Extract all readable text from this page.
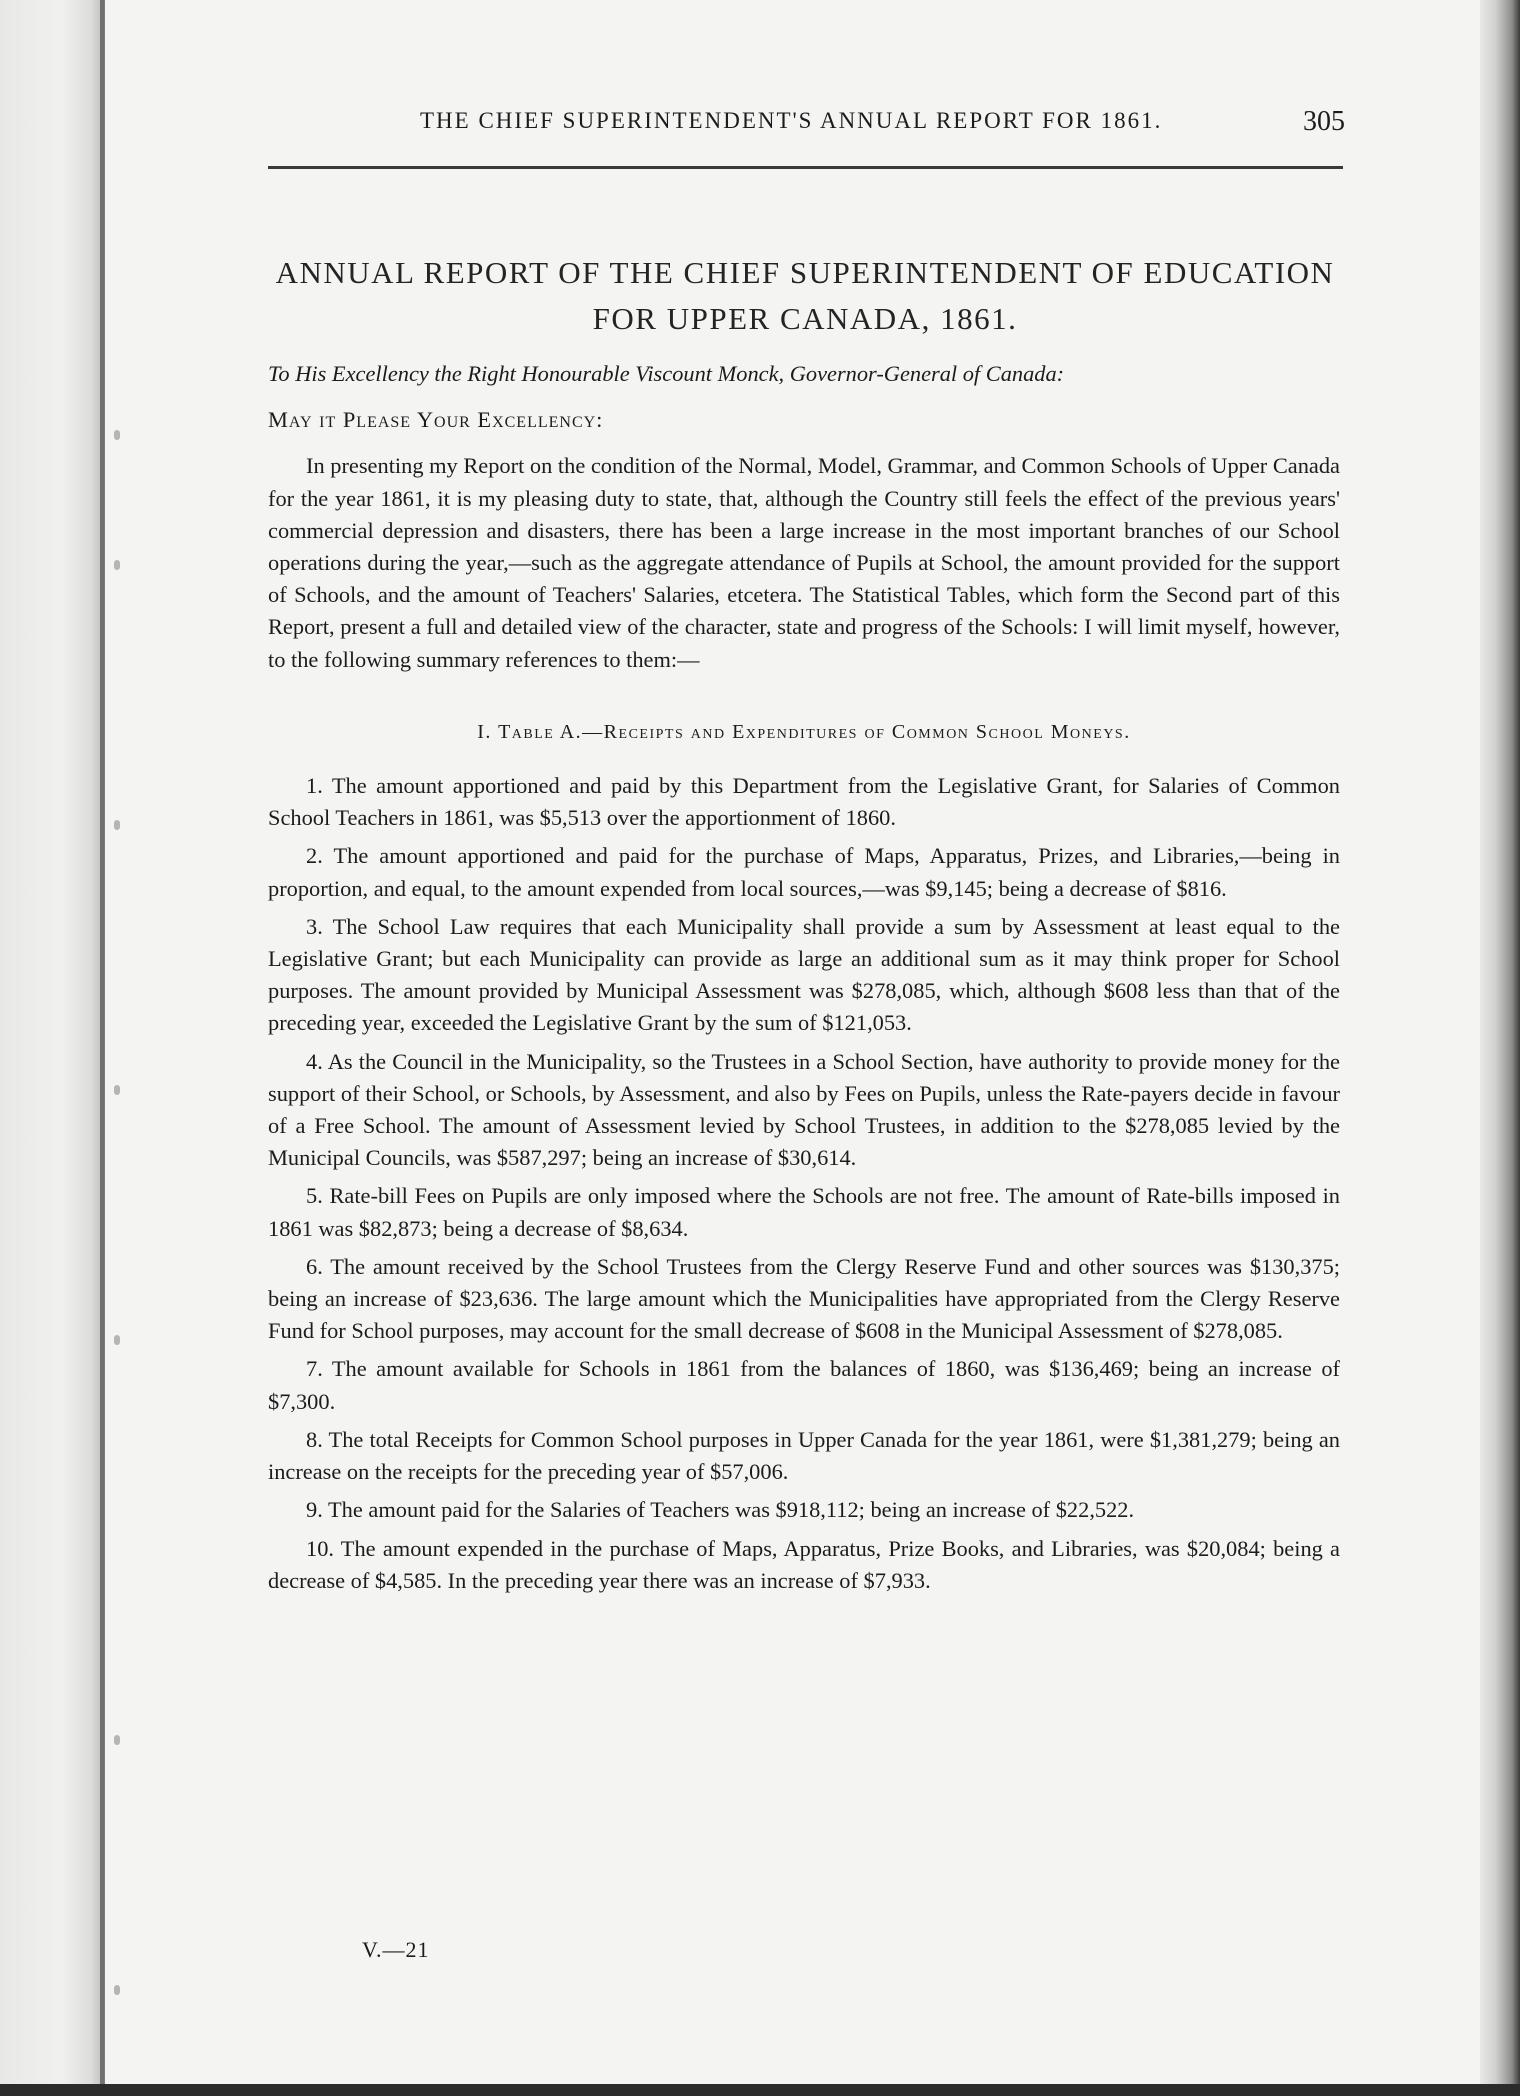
THE CHIEF SUPERINTENDENT'S ANNUAL REPORT FOR 1861.	305
ANNUAL REPORT OF THE CHIEF SUPERINTENDENT OF EDUCATION
FOR UPPER CANADA, 1861.

To His Excellency the Right Honourable Viscount Monck, Governor-General of Canada:

May it Please Your Excellency:

In presenting my Report on the condition of the Normal, Model, Grammar, and Common Schools of Upper Canada for the year 1861, it is my pleasing duty to state, that, although the Country still feels the effect of the previous years' commercial depression and disasters, there has been a large increase in the most important branches of our School operations during the year,—such as the aggregate attendance of Pupils at School, the amount provided for the support of Schools, and the amount of Teachers' Salaries, etcetera. The Statistical Tables, which form the Second part of this Report, present a full and detailed view of the character, state and progress of the Schools: I will limit myself, however, to the following summary references to them:—

I. Table A.—Receipts and Expenditures of Common School Moneys.

1. The amount apportioned and paid by this Department from the Legislative Grant, for Salaries of Common School Teachers in 1861, was $5,513 over the apportionment of 1860.

2. The amount apportioned and paid for the purchase of Maps, Apparatus, Prizes, and Libraries,—being in proportion, and equal, to the amount expended from local sources,—was $9,145; being a decrease of $816.

3. The School Law requires that each Municipality shall provide a sum by Assessment at least equal to the Legislative Grant; but each Municipality can provide as large an additional sum as it may think proper for School purposes. The amount provided by Municipal Assessment was $278,085, which, although $608 less than that of the preceding year, exceeded the Legislative Grant by the sum of $121,053.

4. As the Council in the Municipality, so the Trustees in a School Section, have authority to provide money for the support of their School, or Schools, by Assessment, and also by Fees on Pupils, unless the Rate-payers decide in favour of a Free School. The amount of Assessment levied by School Trustees, in addition to the $278,085 levied by the Municipal Councils, was $587,297; being an increase of $30,614.

5. Rate-bill Fees on Pupils are only imposed where the Schools are not free. The amount of Rate-bills imposed in 1861 was $82,873; being a decrease of $8,634.

6. The amount received by the School Trustees from the Clergy Reserve Fund and other sources was $130,375; being an increase of $23,636. The large amount which the Municipalities have appropriated from the Clergy Reserve Fund for School purposes, may account for the small decrease of $608 in the Municipal Assessment of $278,085.

7. The amount available for Schools in 1861 from the balances of 1860, was $136,469; being an increase of $7,300.

8. The total Receipts for Common School purposes in Upper Canada for the year 1861, were $1,381,279; being an increase on the receipts for the preceding year of $57,006.

9. The amount paid for the Salaries of Teachers was $918,112; being an increase of $22,522.

10. The amount expended in the purchase of Maps, Apparatus, Prize Books, and Libraries, was $20,084; being a decrease of $4,585. In the preceding year there was an increase of $7,933.

V.—21
